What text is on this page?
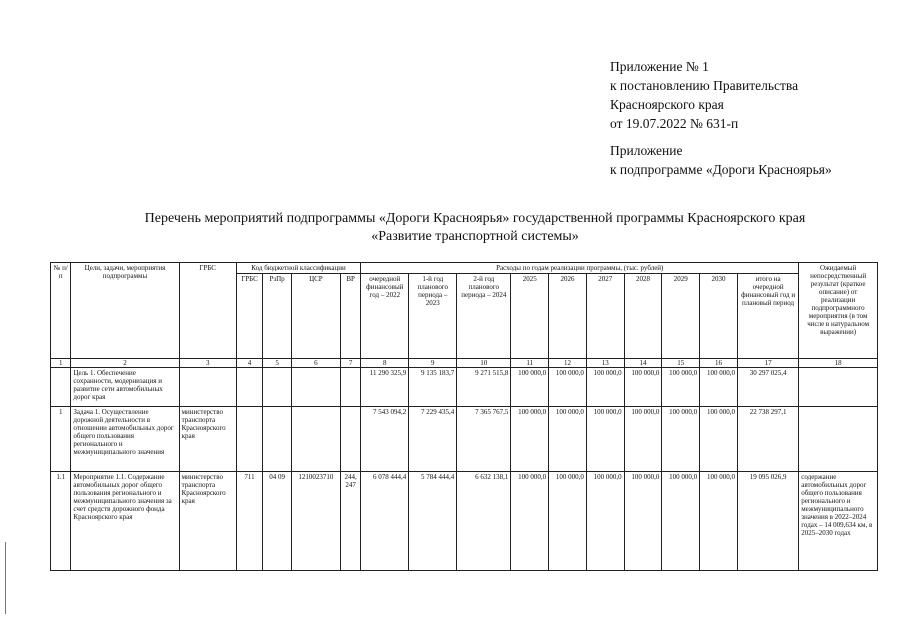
Приложение № 1
к постановлению Правительства
Красноярского края
от 19.07.2022 № 631-п
Приложение
к подпрограмме «Дороги Красноярья»
Перечень мероприятий подпрограммы «Дороги Красноярья» государственной программы Красноярского края
«Развитие транспортной системы»
№ п/п	Цели, задачи, мероприятия подпрограммы	ГРБС	Код бюджетной классификации				Расходы по годам реализации программы, (тыс. рублей)										Ожидаемый непосредственный результат (краткое описание) от реализации подпрограммного мероприятия (в том числе в натуральном выражении)
			ГРБС	РзПр	ЦСР	ВР	очередной финансовый год – 2022	1-й год планового периода – 2023	2-й год планового периода – 2024	2025	2026	2027	2028	2029	2030	итого на очередной финансовый год и плановый период	
1	2	3	4	5	6	7	8	9	10	11	12	13	14	15	16	17	18
	Цель 1. Обеспечение сохранности, модернизация и развитие сети автомобильных дорог края						11 290 325,9	9 135 183,7	9 271 515,8	100 000,0	100 000,0	100 000,0	100 000,0	100 000,0	100 000,0	30 297 025,4	
1	Задача 1. Осуществление дорожной деятельности в отношении автомобильных дорог общего пользования регионального и межмуниципального значения	министерство транспорта Красноярского края					7 543 094,2	7 229 435,4	7 365 767,5	100 000,0	100 000,0	100 000,0	100 000,0	100 000,0	100 000,0	22 738 297,1	
1.1	Мероприятие 1.1. Содержание автомобильных дорог общего пользования регионального и межмуниципального значения за счет средств дорожного фонда Красноярского края	министерство транспорта Красноярского края	711	04 09	1210023710	244, 247	6 078 444,4	5 784 444,4	6 632 138,1	100 000,0	100 000,0	100 000,0	100 000,0	100 000,0	100 000,0	19 095 026,9	содержание автомобильных дорог общего пользования регионального и межмуниципального значения в 2022–2024 годах – 14 009,634 км, в 2025–2030 годах
